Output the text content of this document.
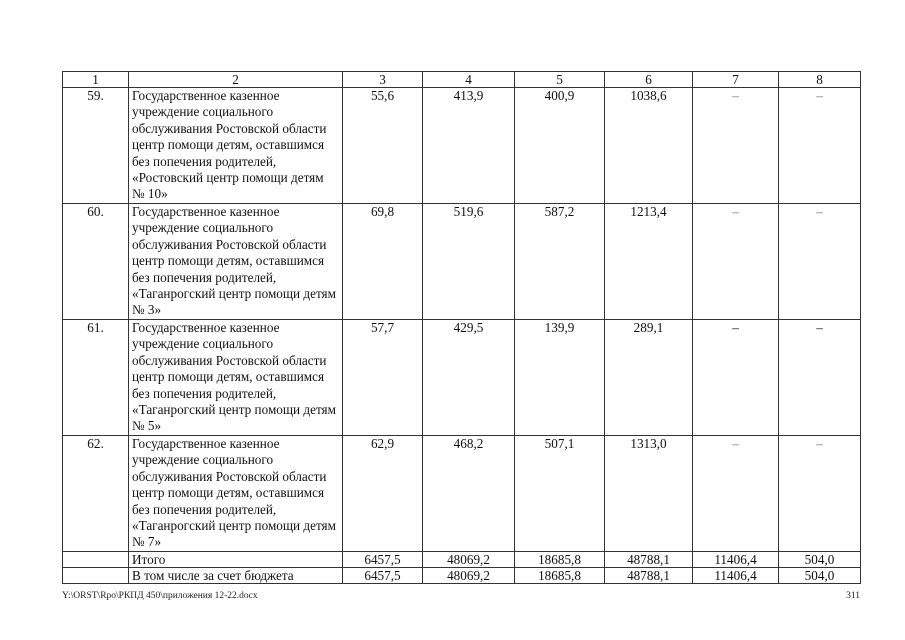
1	2	3	4	5	6	7	8
59.	Государственное казенное учреждение социального обслуживания Ростовской области центр помощи детям, оставшимся без попечения родителей, «Ростовский центр помощи детям № 10»	55,6	413,9	400,9	1038,6	–	–
60.	Государственное казенное учреждение социального обслуживания Ростовской области центр помощи детям, оставшимся без попечения родителей, «Таганрогский центр помощи детям № 3»	69,8	519,6	587,2	1213,4	–	–
61.	Государственное казенное учреждение социального обслуживания Ростовской области центр помощи детям, оставшимся без попечения родителей, «Таганрогский центр помощи детям № 5»	57,7	429,5	139,9	289,1	–	–
62.	Государственное казенное учреждение социального обслуживания Ростовской области центр помощи детям, оставшимся без попечения родителей, «Таганрогский центр помощи детям № 7»	62,9	468,2	507,1	1313,0	–	–
	Итого	6457,5	48069,2	18685,8	48788,1	11406,4	504,0
	В том числе за счет бюджета	6457,5	48069,2	18685,8	48788,1	11406,4	504,0
Y:\ORST\Rpo\РКПД 450\приложения 12-22.docx	311
